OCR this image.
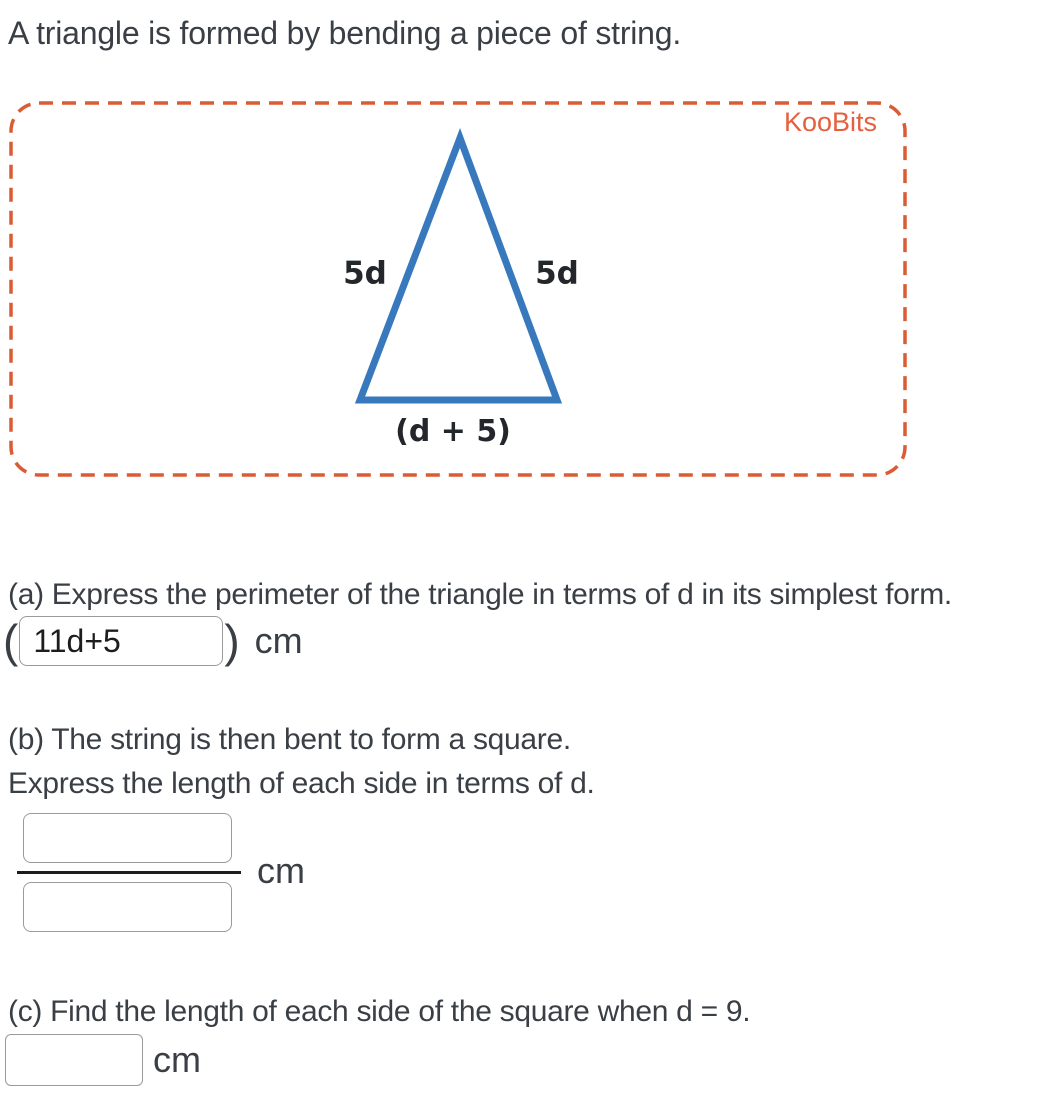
A triangle is formed by bending a piece of string.
KooBits
5d	5d
(d + 5)
(a) Express the perimeter of the triangle in terms of d in its simplest form.
(
11d+5	) cm
(b) The string is then bent to form a square.
Express the length of each side in terms of d.
cm
(c) Find the length of each side of the square when d = 9.
cm
